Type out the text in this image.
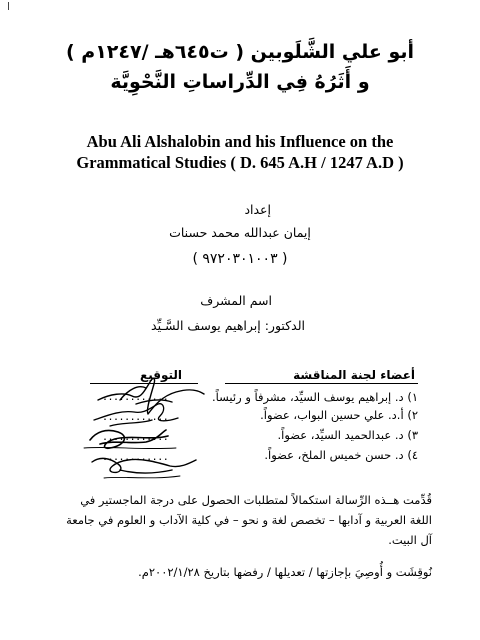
أبو علي الشَّلَوبين ( ت٦٤٥هـ /١٢٤٧م )
و أَثَرُهُ فِي الدِّراساتِ النَّحْوِيَّة
Abu Ali Alshalobin and his Influence on the
Grammatical Studies ( D. 645 A.H / 1247 A.D )
إعداد
إيمان عبدالله محمد حسنات
( ٩٧٢٠٣٠١٠٠٣ )
اسم المشرف
الدكتور: إبراهيم يوسف السَّـيِّد
أعضاء لجنة المناقشة
التوقيع
١) د. إبراهيم يوسف السيِّد، مشرفاً و رئيساً.
٢) أ.د. علي حسين البواب، عضواً.
٣) د. عبدالحميد السيِّد، عضواً.
٤) د. حسن خميس الملخ، عضواً.
............
............
............
............
قُدِّمت هــذه الرِّسالة استكمالاً لمتطلبات الحصول على درجة الماجستير في
اللغة العربية و آدابها – تخصص لغة و نحو – في كلية الآداب و العلوم في جامعة
آل البيت.
نُوقِشَت و أُوصِيَ بإجازتها / تعديلها / رفضها بتاريخ ٢٠٠٢/١/٢٨م.
